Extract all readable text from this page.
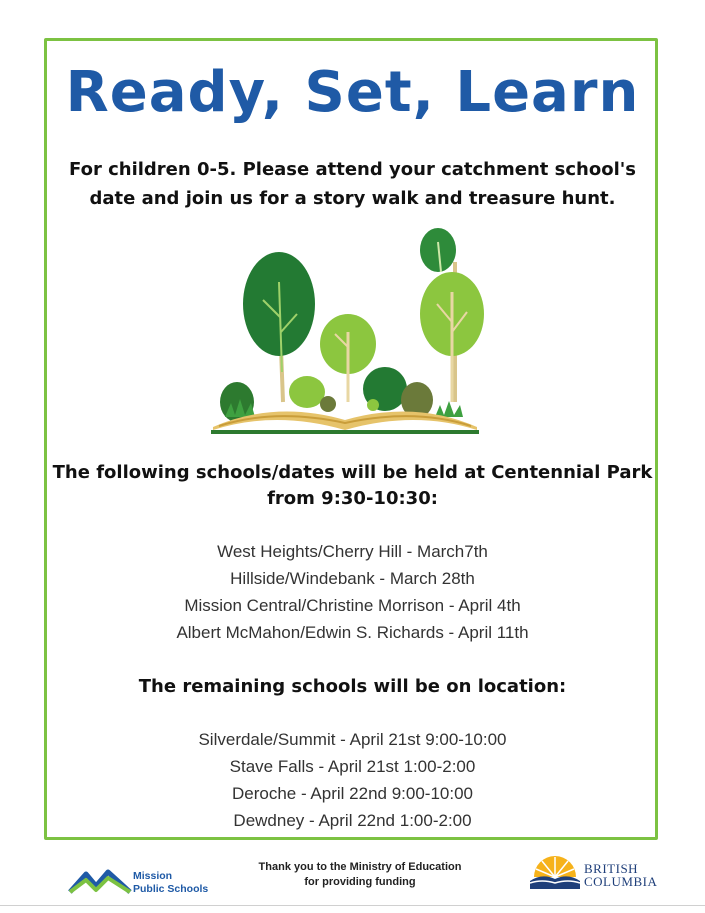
Ready, Set, Learn
For children 0-5. Please attend your catchment school's
date and join us for a story walk and treasure hunt.
The following schools/dates will be held at Centennial Park
from 9:30-10:30:
West Heights/Cherry Hill - March7th
Hillside/Windebank - March 28th
Mission Central/Christine Morrison - April 4th
Albert McMahon/Edwin S. Richards - April 11th
The remaining schools will be on location:
Silverdale/Summit - April 21st 9:00-10:00
Stave Falls - April 21st 1:00-2:00
Deroche - April 22nd 9:00-10:00
Dewdney - April 22nd 1:00-2:00
Mission
Public Schools
Thank you to the Ministry of Education
for providing funding
BRITISH
COLUMBIA
